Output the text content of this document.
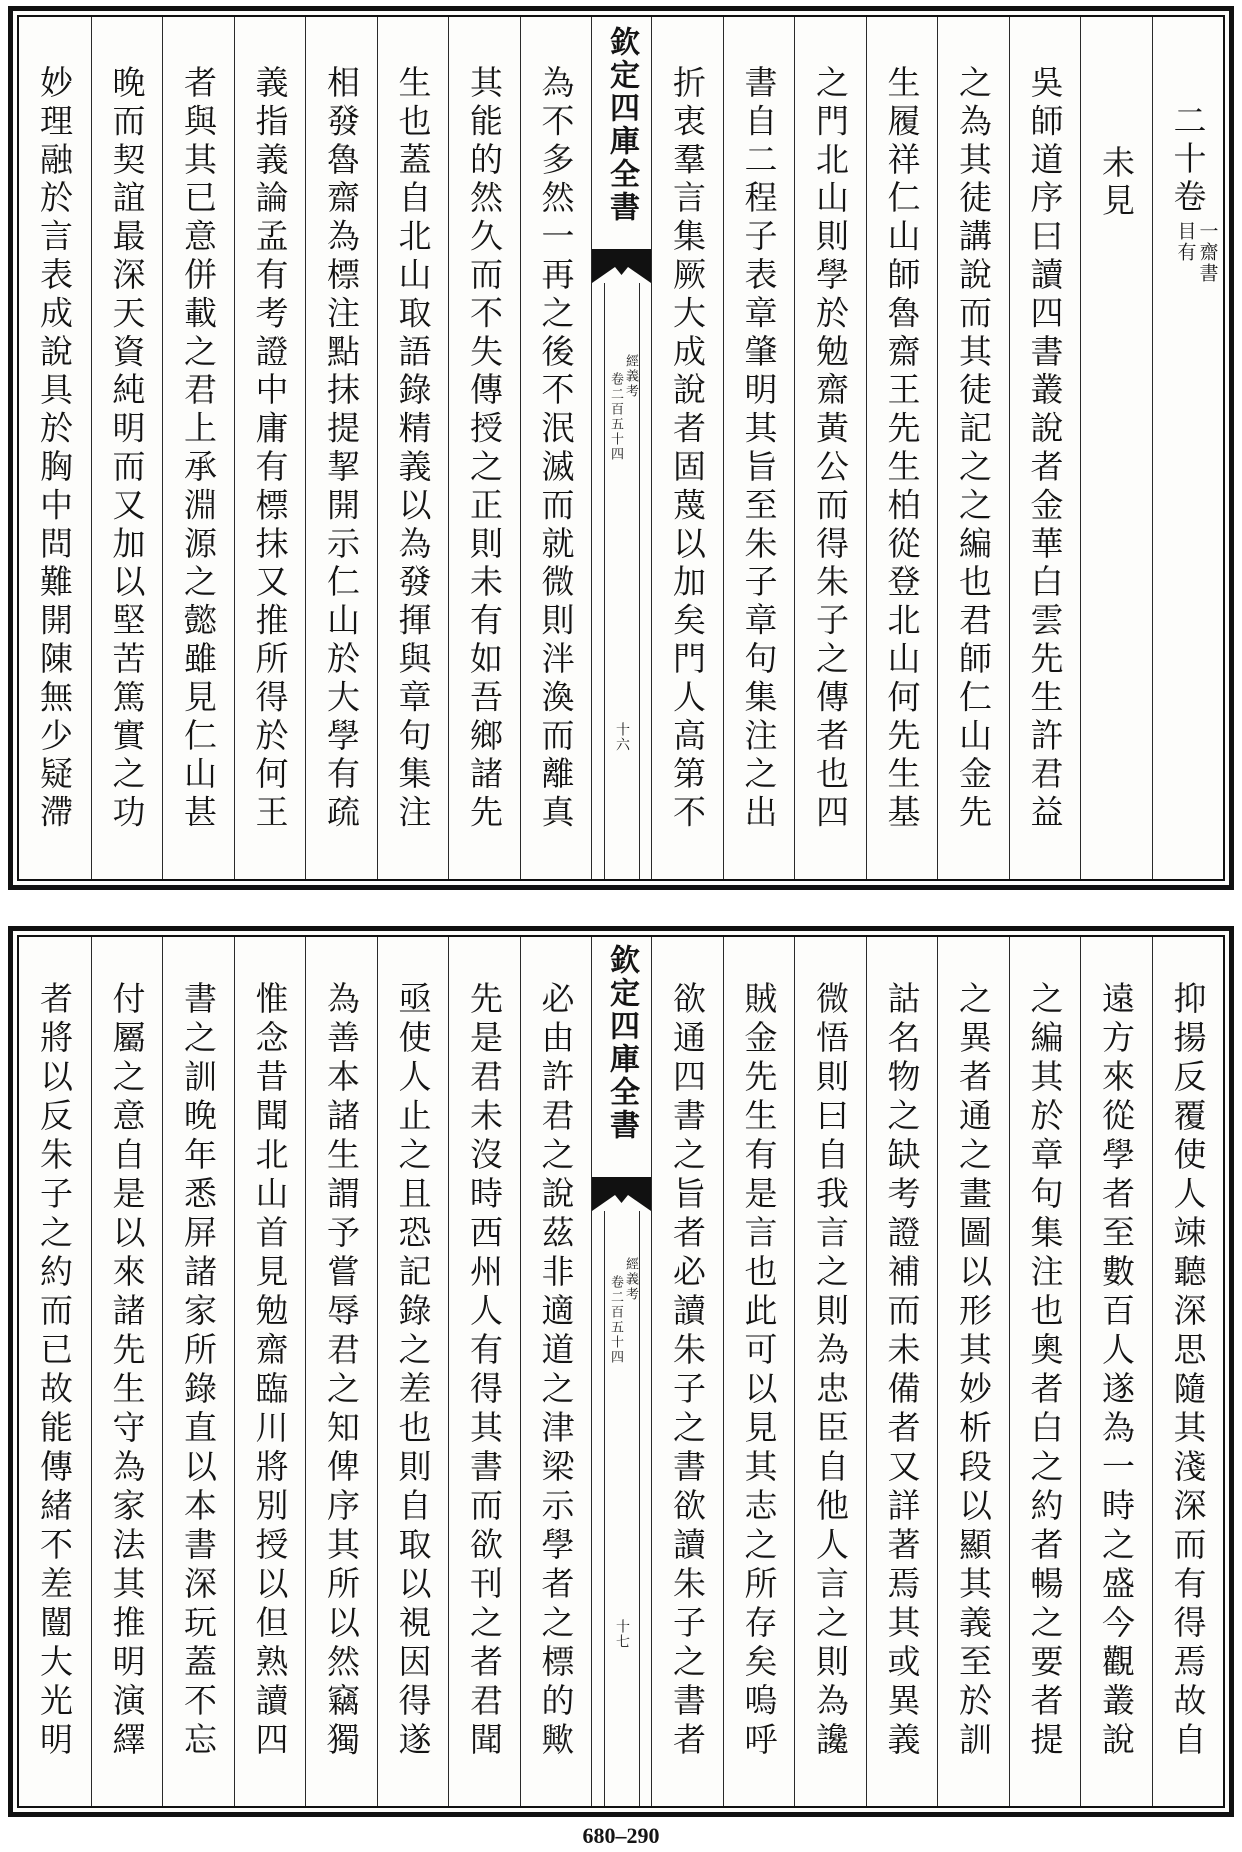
二十卷
一齋書
目有
未見
吳師道序曰讀四書叢說者金華白雲先生許君益
之為其徒講說而其徒記之之編也君師仁山金先
生履祥仁山師魯齋王先生柏從登北山何先生基
之門北山則學於勉齋黃公而得朱子之傳者也四
書自二程子表章肇明其旨至朱子章句集注之出
折衷羣言集厥大成說者固蔑以加矣門人高第不
欽定四庫全書
經義考
卷二百五十四
十六
為不多然一再之後不泯滅而就微則泮渙而離真
其能的然久而不失傳授之正則未有如吾鄉諸先
生也蓋自北山取語錄精義以為發揮與章句集注
相發魯齋為標注點抹提挈開示仁山於大學有疏
義指義論孟有考證中庸有標抹又推所得於何王
者與其已意併載之君上承淵源之懿雖見仁山甚
晚而契誼最深天資純明而又加以堅苦篤實之功
妙理融於言表成說具於胸中問難開陳無少疑滯
抑揚反覆使人竦聽深思隨其淺深而有得焉故自
遠方來從學者至數百人遂為一時之盛今觀叢說
之編其於章句集注也奧者白之約者暢之要者提
之異者通之畫圖以形其妙析段以顯其義至於訓
詁名物之缺考證補而未備者又詳著焉其或異義
微悟則曰自我言之則為忠臣自他人言之則為讒
賊金先生有是言也此可以見其志之所存矣嗚呼
欲通四書之旨者必讀朱子之書欲讀朱子之書者
欽定四庫全書
經義考
卷二百五十四
十七
必由許君之說茲非適道之津梁示學者之標的歟
先是君未沒時西州人有得其書而欲刊之者君聞
亟使人止之且恐記錄之差也則自取以視因得遂
為善本諸生謂予嘗辱君之知俾序其所以然竊獨
惟念昔聞北山首見勉齋臨川將別授以但熟讀四
書之訓晚年悉屏諸家所錄直以本書深玩蓋不忘
付屬之意自是以來諸先生守為家法其推明演繹
者將以反朱子之約而已故能傳緒不差闓大光明
680–290
